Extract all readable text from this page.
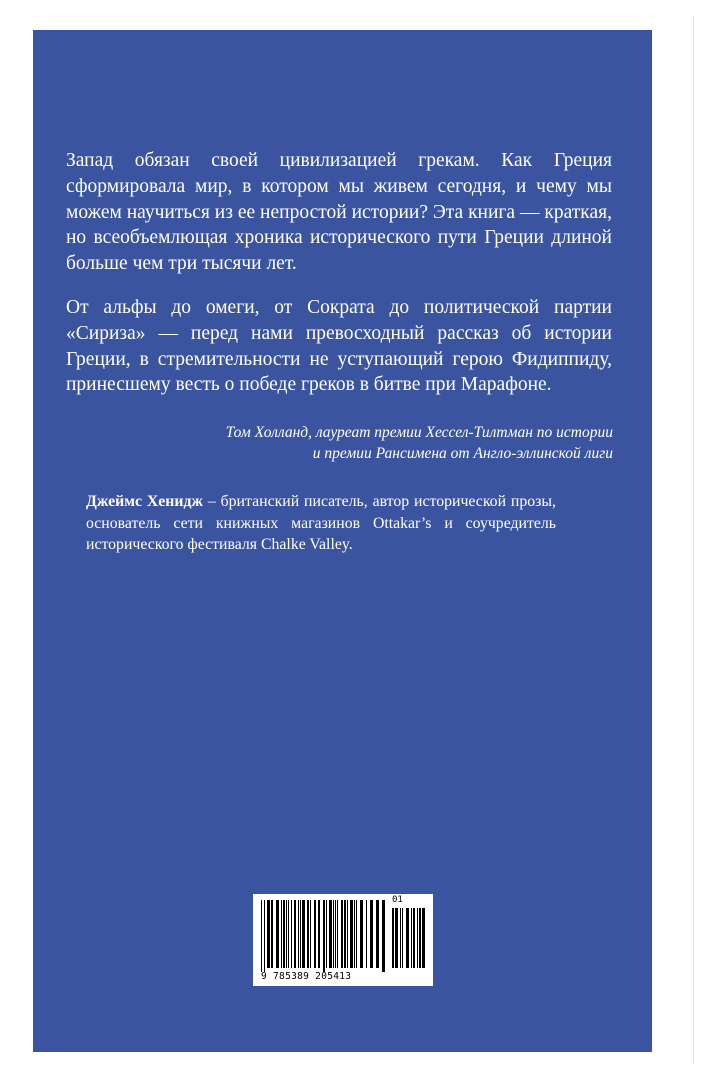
Запад обязан своей цивилизацией грекам. Как Греция сформировала мир, в котором мы живем сегодня, и чему мы можем научиться из ее непростой истории? Эта книга — краткая, но всеобъемлющая хроника исторического пути Греции длиной больше чем три тысячи лет.

От альфы до омеги, от Сократа до политической партии «Сириза» — перед нами превосходный рассказ об истории Греции, в стремительности не уступающий герою Фидиппиду, принесшему весть о победе греков в битве при Марафоне.

Том Холланд, лауреат премии Хессел-Тилтман по истории
и премии Рансимена от Англо-эллинской лиги

Джеймс Хенидж – британский писатель, автор исторической прозы, основатель сети книжных магазинов Ottakar’s и соучредитель исторического фестиваля Chalke Valley.

9 785389 205413
01
